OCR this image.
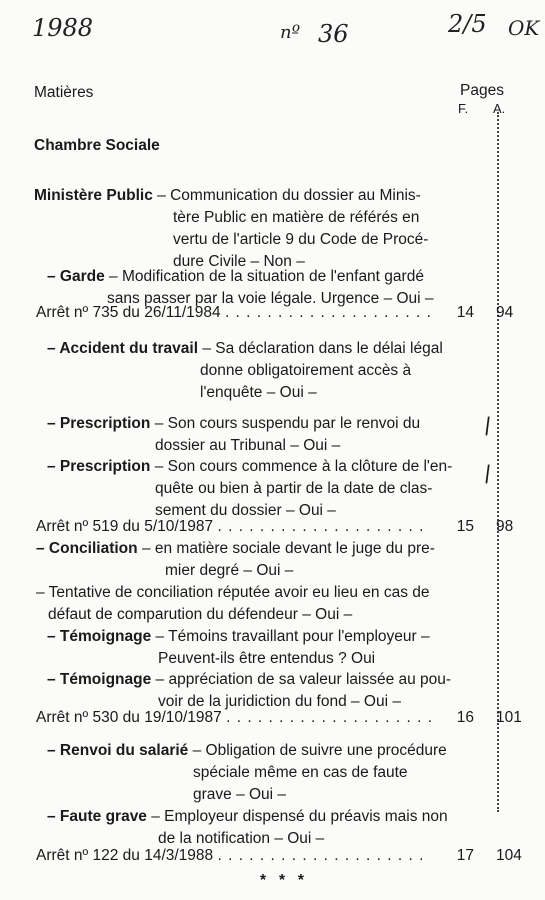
1988	nº 36	2/5 OK
Matières	Pages
F. A.
Chambre Sociale
Ministère Public – Communication du dossier au Minis-
tère Public en matière de référés en
vertu de l'article 9 du Code de Procé-
dure Civile – Non –
– Garde – Modification de la situation de l'enfant gardé
sans passer par la voie légale. Urgence – Oui –
Arrêt nº 735 du 26/11/1984 . . . . . . . . . . . . . . . . . . . .	14 94
– Accident du travail – Sa déclaration dans le délai légal
donne obligatoirement accès à
l'enquête – Oui –
– Prescription – Son cours suspendu par le renvoi du
dossier au Tribunal – Oui –
/
– Prescription – Son cours commence à la clôture de l'en-
quête ou bien à partir de la date de clas-
sement du dossier – Oui –
/
Arrêt nº 519 du 5/10/1987 . . . . . . . . . . . . . . . . . . . .	15 98
– Conciliation – en matière sociale devant le juge du pre-
mier degré – Oui –
– Tentative de conciliation réputée avoir eu lieu en cas de
défaut de comparution du défendeur – Oui –
– Témoignage – Témoins travaillant pour l'employeur –
Peuvent-ils être entendus ? Oui
– Témoignage – appréciation de sa valeur laissée au pou-
voir de la juridiction du fond – Oui –
Arrêt nº 530 du 19/10/1987 . . . . . . . . . . . . . . . . . . . .	16 101
– Renvoi du salarié – Obligation de suivre une procédure
spéciale même en cas de faute
grave – Oui –
– Faute grave – Employeur dispensé du préavis mais non
de la notification – Oui –
Arrêt nº 122 du 14/3/1988 . . . . . . . . . . . . . . . . . . . .	17 104
*   *   *
